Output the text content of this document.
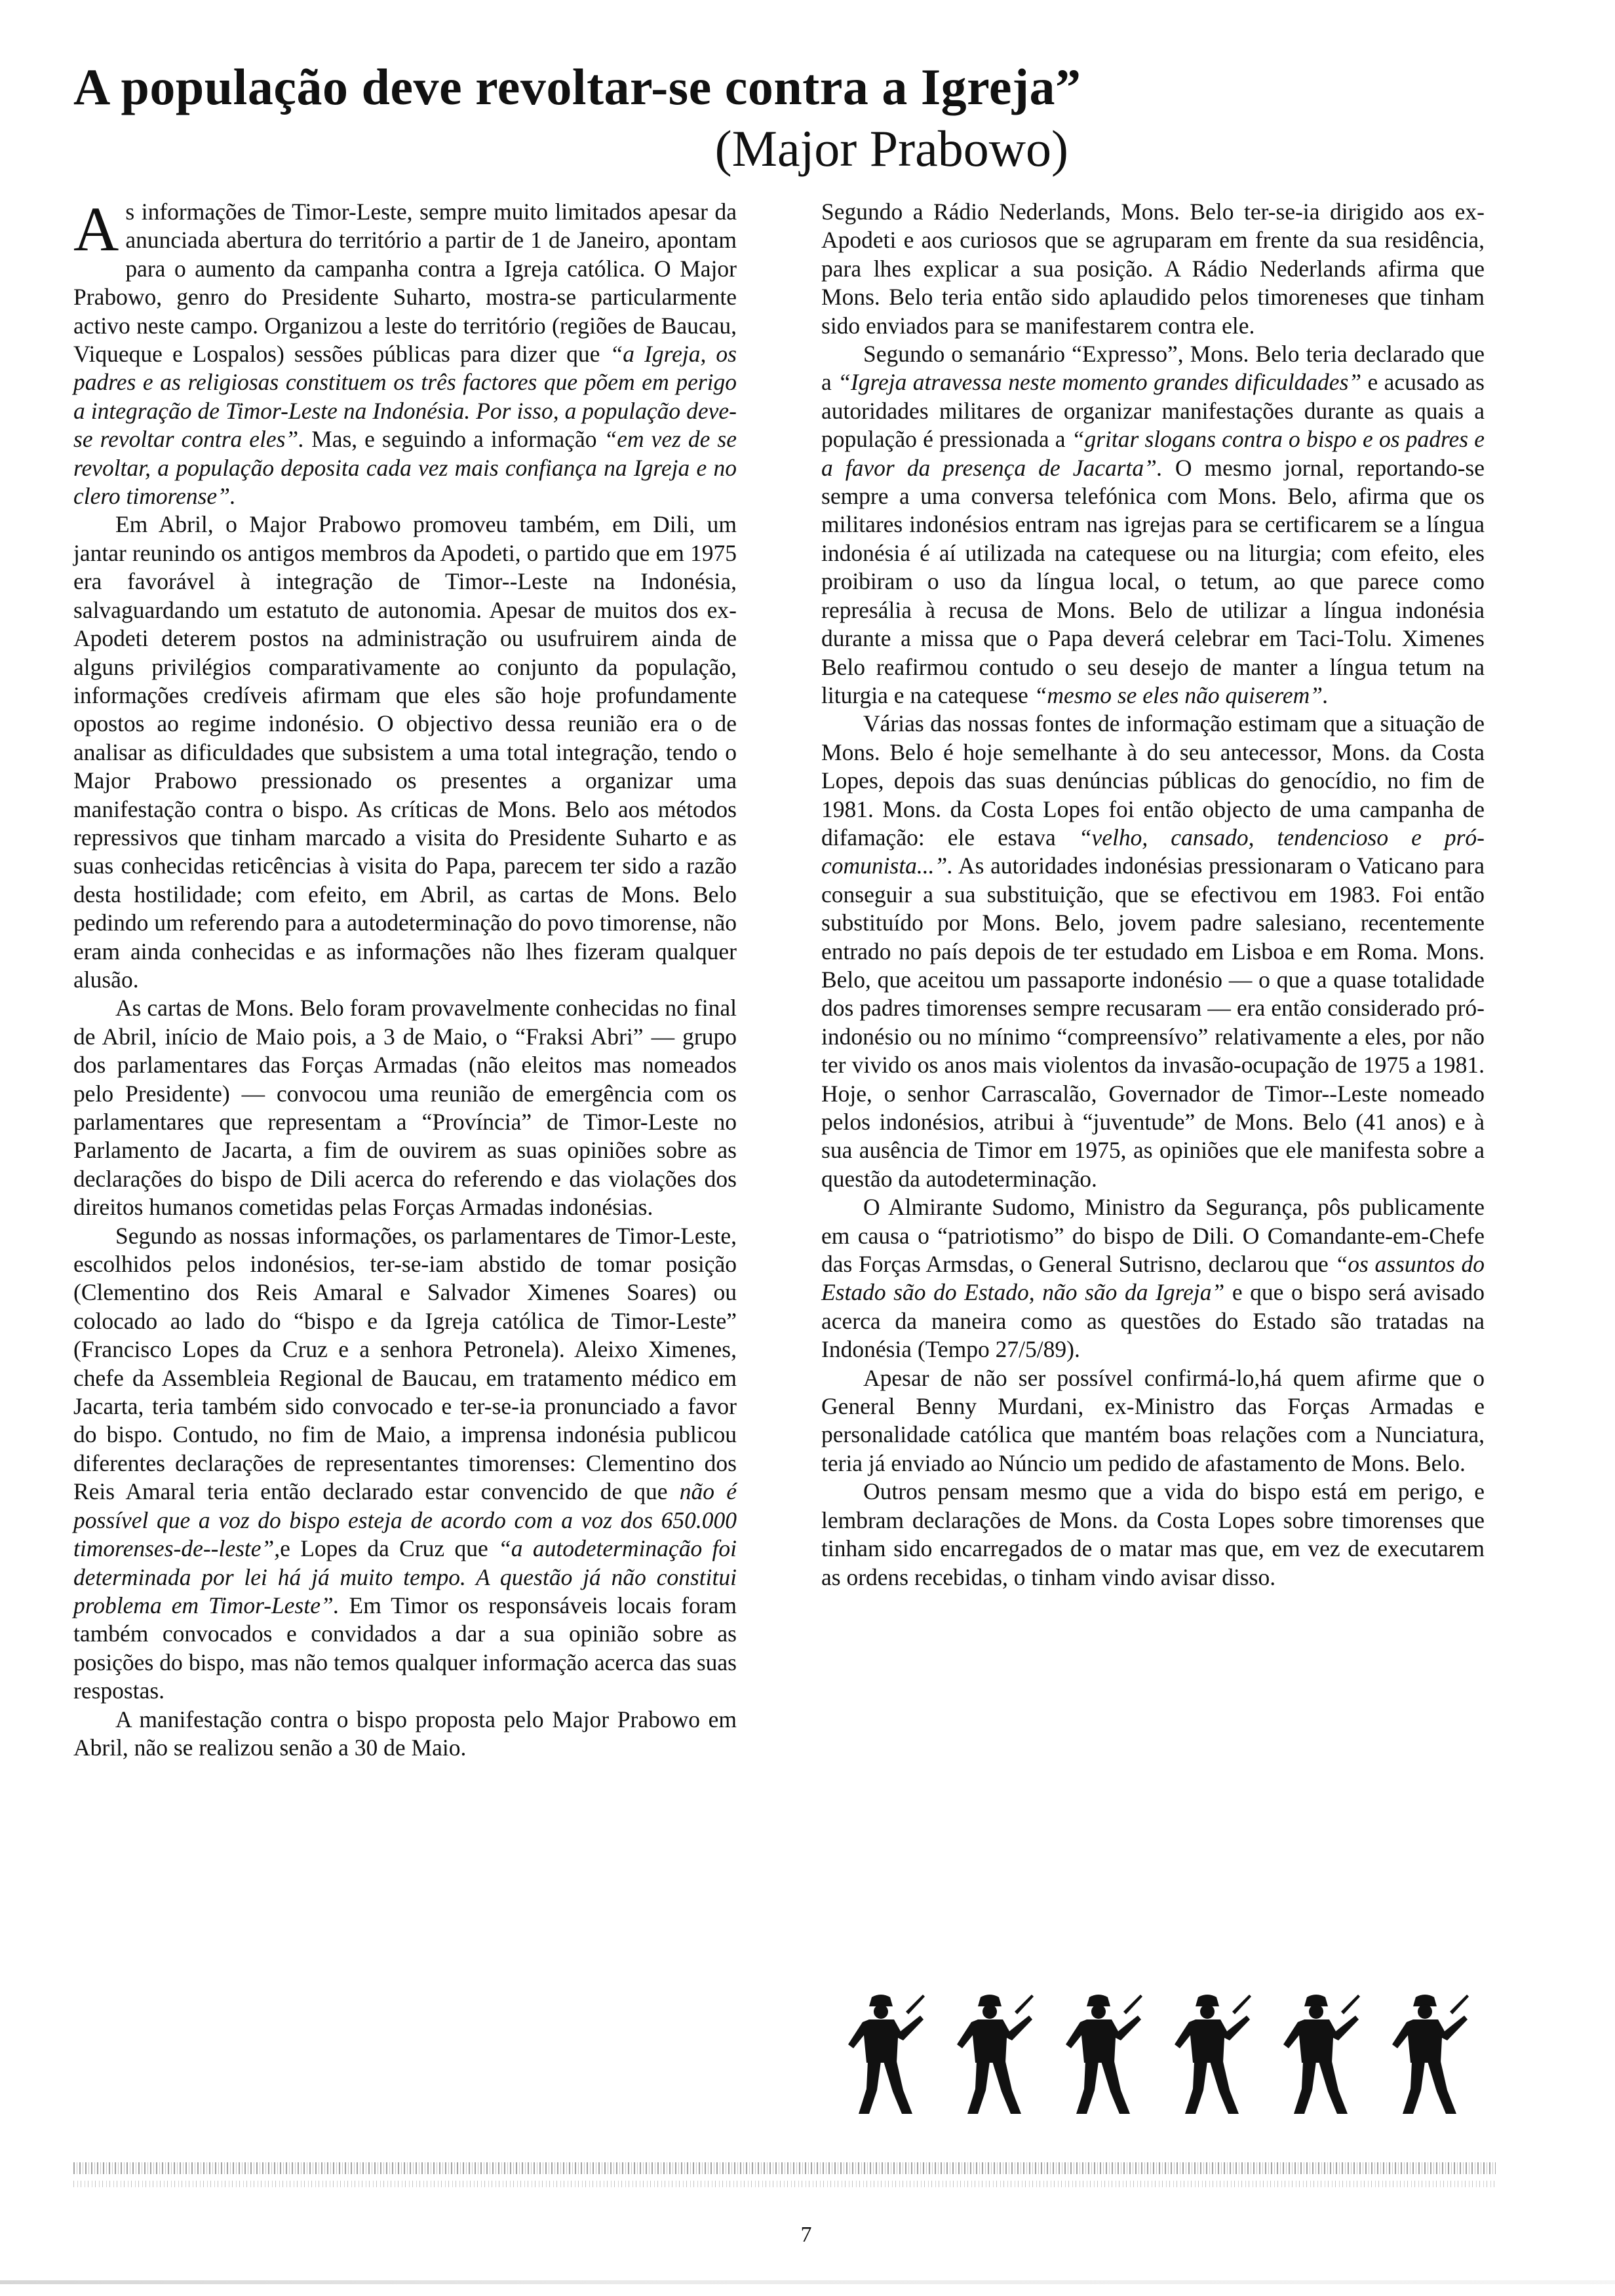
A população deve revoltar-se contra a Igreja”
(Major Prabowo)

As informações de Timor-Leste, sempre muito limitados apesar da anunciada abertura do território a partir de 1 de Janeiro, apontam para o aumento da campanha contra a Igreja católica. O Major Prabowo, genro do Presidente Suharto, mostra-se particularmente activo neste campo. Organizou a leste do território (regiões de Baucau, Viqueque e Lospalos) sessões públicas para dizer que “a Igreja, os padres e as religiosas constituem os três factores que põem em perigo a integração de Timor-Leste na Indonésia. Por isso, a população deve-se revoltar contra eles”. Mas, e seguindo a informação “em vez de se revoltar, a população deposita cada vez mais confiança na Igreja e no clero timorense”.

Em Abril, o Major Prabowo promoveu também, em Dili, um jantar reunindo os antigos membros da Apodeti, o partido que em 1975 era favorável à integração de Timor--Leste na Indonésia, salvaguardando um estatuto de autonomia. Apesar de muitos dos ex-Apodeti deterem postos na administração ou usufruirem ainda de alguns privilégios comparativamente ao conjunto da população, informações credíveis afirmam que eles são hoje profundamente opostos ao regime indonésio. O objectivo dessa reunião era o de analisar as dificuldades que subsistem a uma total integração, tendo o Major Prabowo pressionado os presentes a organizar uma manifestação contra o bispo. As críticas de Mons. Belo aos métodos repressivos que tinham marcado a visita do Presidente Suharto e as suas conhecidas reticências à visita do Papa, parecem ter sido a razão desta hostilidade; com efeito, em Abril, as cartas de Mons. Belo pedindo um referendo para a autodeterminação do povo timorense, não eram ainda conhecidas e as informações não lhes fizeram qualquer alusão.

As cartas de Mons. Belo foram provavelmente conhecidas no final de Abril, início de Maio pois, a 3 de Maio, o “Fraksi Abri” — grupo dos parlamentares das Forças Armadas (não eleitos mas nomeados pelo Presidente) — convocou uma reunião de emergência com os parlamentares que representam a “Província” de Timor-Leste no Parlamento de Jacarta, a fim de ouvirem as suas opiniões sobre as declarações do bispo de Dili acerca do referendo e das violações dos direitos humanos cometidas pelas Forças Armadas indonésias.

Segundo as nossas informações, os parlamentares de Timor-Leste, escolhidos pelos indonésios, ter-se-iam abstido de tomar posição (Clementino dos Reis Amaral e Salvador Ximenes Soares) ou colocado ao lado do “bispo e da Igreja católica de Timor-Leste” (Francisco Lopes da Cruz e a senhora Petronela). Aleixo Ximenes, chefe da Assembleia Regional de Baucau, em tratamento médico em Jacarta, teria também sido convocado e ter-se-ia pronunciado a favor do bispo. Contudo, no fim de Maio, a imprensa indonésia publicou diferentes declarações de representantes timorenses: Clementino dos Reis Amaral teria então declarado estar convencido de que não é possível que a voz do bispo esteja de acordo com a voz dos 650.000 timorenses-de--leste”,e Lopes da Cruz que “a autodeterminação foi determinada por lei há já muito tempo. A questão já não constitui problema em Timor-Leste”. Em Timor os responsáveis locais foram também convocados e convidados a dar a sua opinião sobre as posições do bispo, mas não temos qualquer informação acerca das suas respostas.

A manifestação contra o bispo proposta pelo Major Prabowo em Abril, não se realizou senão a 30 de Maio.

Segundo a Rádio Nederlands, Mons. Belo ter-se-ia dirigido aos ex-Apodeti e aos curiosos que se agruparam em frente da sua residência, para lhes explicar a sua posição. A Rádio Nederlands afirma que Mons. Belo teria então sido aplaudido pelos timoreneses que tinham sido enviados para se manifestarem contra ele.

Segundo o semanário “Expresso”, Mons. Belo teria declarado que a “Igreja atravessa neste momento grandes dificuldades” e acusado as autoridades militares de organizar manifestações durante as quais a população é pressionada a “gritar slogans contra o bispo e os padres e a favor da presença de Jacarta”. O mesmo jornal, reportando-se sempre a uma conversa telefónica com Mons. Belo, afirma que os militares indonésios entram nas igrejas para se certificarem se a língua indonésia é aí utilizada na catequese ou na liturgia; com efeito, eles proibiram o uso da língua local, o tetum, ao que parece como represália à recusa de Mons. Belo de utilizar a língua indonésia durante a missa que o Papa deverá celebrar em Taci-Tolu. Ximenes Belo reafirmou contudo o seu desejo de manter a língua tetum na liturgia e na catequese “mesmo se eles não quiserem”.

Várias das nossas fontes de informação estimam que a situação de Mons. Belo é hoje semelhante à do seu antecessor, Mons. da Costa Lopes, depois das suas denúncias públicas do genocídio, no fim de 1981. Mons. da Costa Lopes foi então objecto de uma campanha de difamação: ele estava “velho, cansado, tendencioso e pró-comunista...”. As autoridades indonésias pressionaram o Vaticano para conseguir a sua substituição, que se efectivou em 1983. Foi então substituído por Mons. Belo, jovem padre salesiano, recentemente entrado no país depois de ter estudado em Lisboa e em Roma. Mons. Belo, que aceitou um passaporte indonésio — o que a quase totalidade dos padres timorenses sempre recusaram — era então considerado pró-indonésio ou no mínimo “compreensívo” relativamente a eles, por não ter vivido os anos mais violentos da invasão-ocupação de 1975 a 1981. Hoje, o senhor Carrascalão, Governador de Timor--Leste nomeado pelos indonésios, atribui à “juventude” de Mons. Belo (41 anos) e à sua ausência de Timor em 1975, as opiniões que ele manifesta sobre a questão da autodeterminação.

O Almirante Sudomo, Ministro da Segurança, pôs publicamente em causa o “patriotismo” do bispo de Dili. O Comandante-em-Chefe das Forças Armsdas, o General Sutrisno, declarou que “os assuntos do Estado são do Estado, não são da Igreja” e que o bispo será avisado acerca da maneira como as questões do Estado são tratadas na Indonésia (Tempo 27/5/89).

Apesar de não ser possível confirmá-lo,há quem afirme que o General Benny Murdani, ex-Ministro das Forças Armadas e personalidade católica que mantém boas relações com a Nunciatura, teria já enviado ao Núncio um pedido de afastamento de Mons. Belo.

Outros pensam mesmo que a vida do bispo está em perigo, e lembram declarações de Mons. da Costa Lopes sobre timorenses que tinham sido encarregados de o matar mas que, em vez de executarem as ordens recebidas, o tinham vindo avisar disso.

7
